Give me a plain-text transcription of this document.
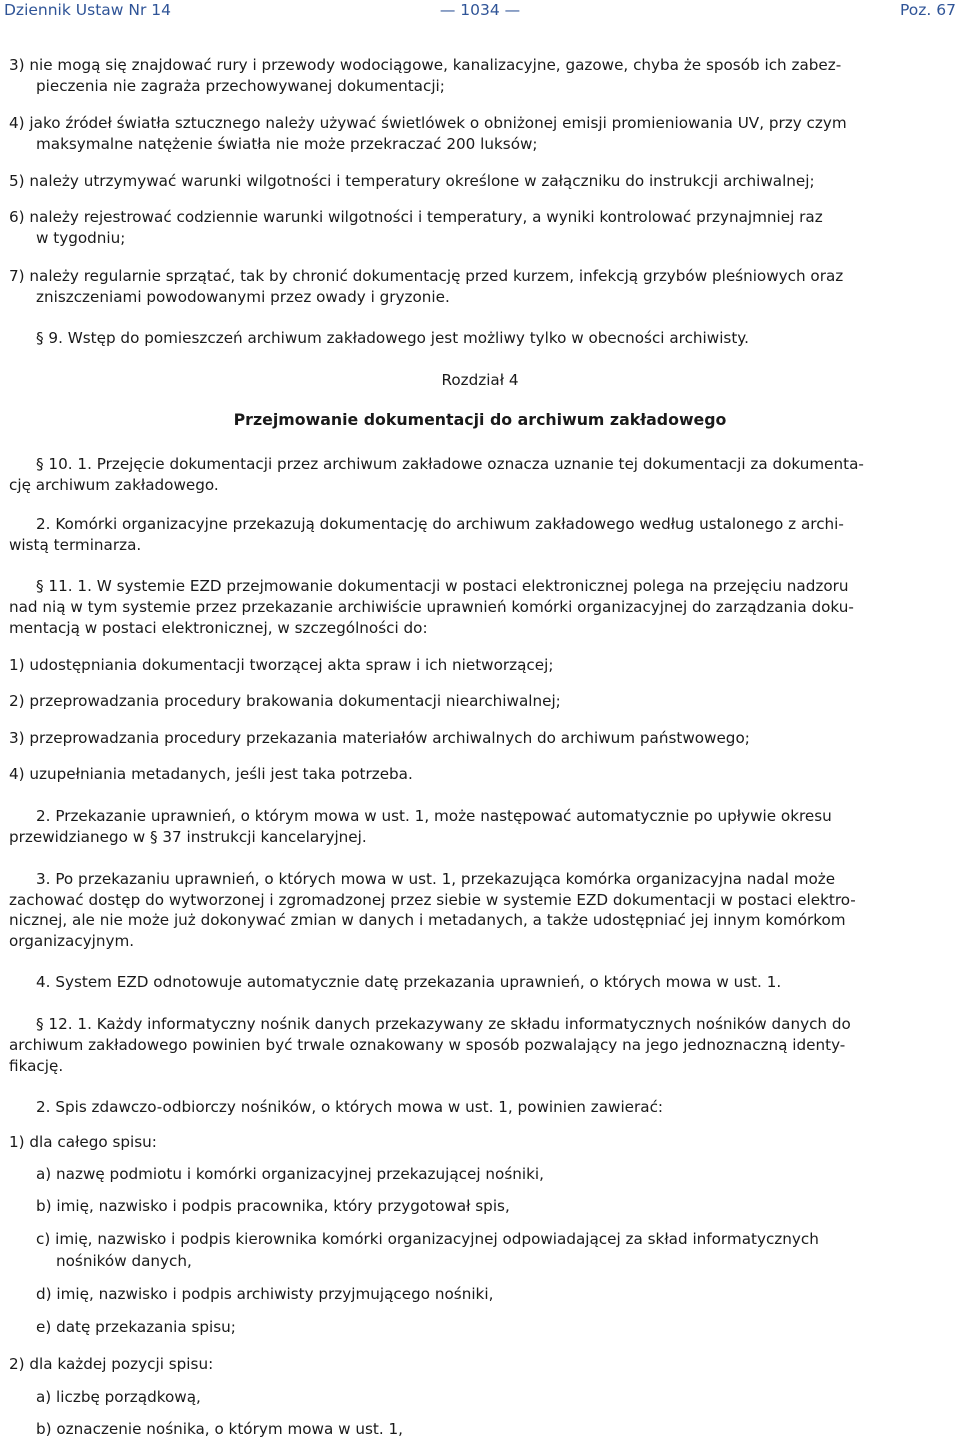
Dziennik Ustaw Nr 14	— 1034 —	Poz. 67

3) nie mogą się znajdować rury i przewody wodociągowe, kanalizacyjne, gazowe, chyba że sposób ich zabez-

pieczenia nie zagraża przechowywanej dokumentacji;

4) jako źródeł światła sztucznego należy używać świetlówek o obniżonej emisji promieniowania UV, przy czym

maksymalne natężenie światła nie może przekraczać 200 luksów;

5) należy utrzymywać warunki wilgotności i temperatury określone w załączniku do instrukcji archiwalnej;

6) należy rejestrować codziennie warunki wilgotności i temperatury, a wyniki kontrolować przynajmniej raz

w tygodniu;

7) należy regularnie sprzątać, tak by chronić dokumentację przed kurzem, infekcją grzybów pleśniowych oraz

zniszczeniami powodowanymi przez owady i gryzonie.

§ 9. Wstęp do pomieszczeń archiwum zakładowego jest możliwy tylko w obecności archiwisty.

Rozdział 4

Przejmowanie dokumentacji do archiwum zakładowego

§ 10. 1. Przejęcie dokumentacji przez archiwum zakładowe oznacza uznanie tej dokumentacji za dokumenta-

cję archiwum zakładowego.

2. Komórki organizacyjne przekazują dokumentację do archiwum zakładowego według ustalonego z archi-

wistą terminarza.

§ 11. 1. W systemie EZD przejmowanie dokumentacji w postaci elektronicznej polega na przejęciu nadzoru

nad nią w tym systemie przez przekazanie archiwiście uprawnień komórki organizacyjnej do zarządzania doku-

mentacją w postaci elektronicznej, w szczególności do:

1) udostępniania dokumentacji tworzącej akta spraw i ich nietworzącej;

2) przeprowadzania procedury brakowania dokumentacji niearchiwalnej;

3) przeprowadzania procedury przekazania materiałów archiwalnych do archiwum państwowego;

4) uzupełniania metadanych, jeśli jest taka potrzeba.

2. Przekazanie uprawnień, o którym mowa w ust. 1, może następować automatycznie po upływie okresu

przewidzianego w § 37 instrukcji kancelaryjnej.

3. Po przekazaniu uprawnień, o których mowa w ust. 1, przekazująca komórka organizacyjna nadal może

zachować dostęp do wytworzonej i zgromadzonej przez siebie w systemie EZD dokumentacji w postaci elektro-

nicznej, ale nie może już dokonywać zmian w danych i metadanych, a także udostępniać jej innym komórkom

organizacyjnym.

4. System EZD odnotowuje automatycznie datę przekazania uprawnień, o których mowa w ust. 1.

§ 12. 1. Każdy informatyczny nośnik danych przekazywany ze składu informatycznych nośników danych do

archiwum zakładowego powinien być trwale oznakowany w sposób pozwalający na jego jednoznaczną identy-

fikację.

2. Spis zdawczo-odbiorczy nośników, o których mowa w ust. 1, powinien zawierać:

1) dla całego spisu:

a) nazwę podmiotu i komórki organizacyjnej przekazującej nośniki,

b) imię, nazwisko i podpis pracownika, który przygotował spis,

c) imię, nazwisko i podpis kierownika komórki organizacyjnej odpowiadającej za skład informatycznych

nośników danych,

d) imię, nazwisko i podpis archiwisty przyjmującego nośniki,

e) datę przekazania spisu;

2) dla każdej pozycji spisu:

a) liczbę porządkową,

b) oznaczenie nośnika, o którym mowa w ust. 1,
